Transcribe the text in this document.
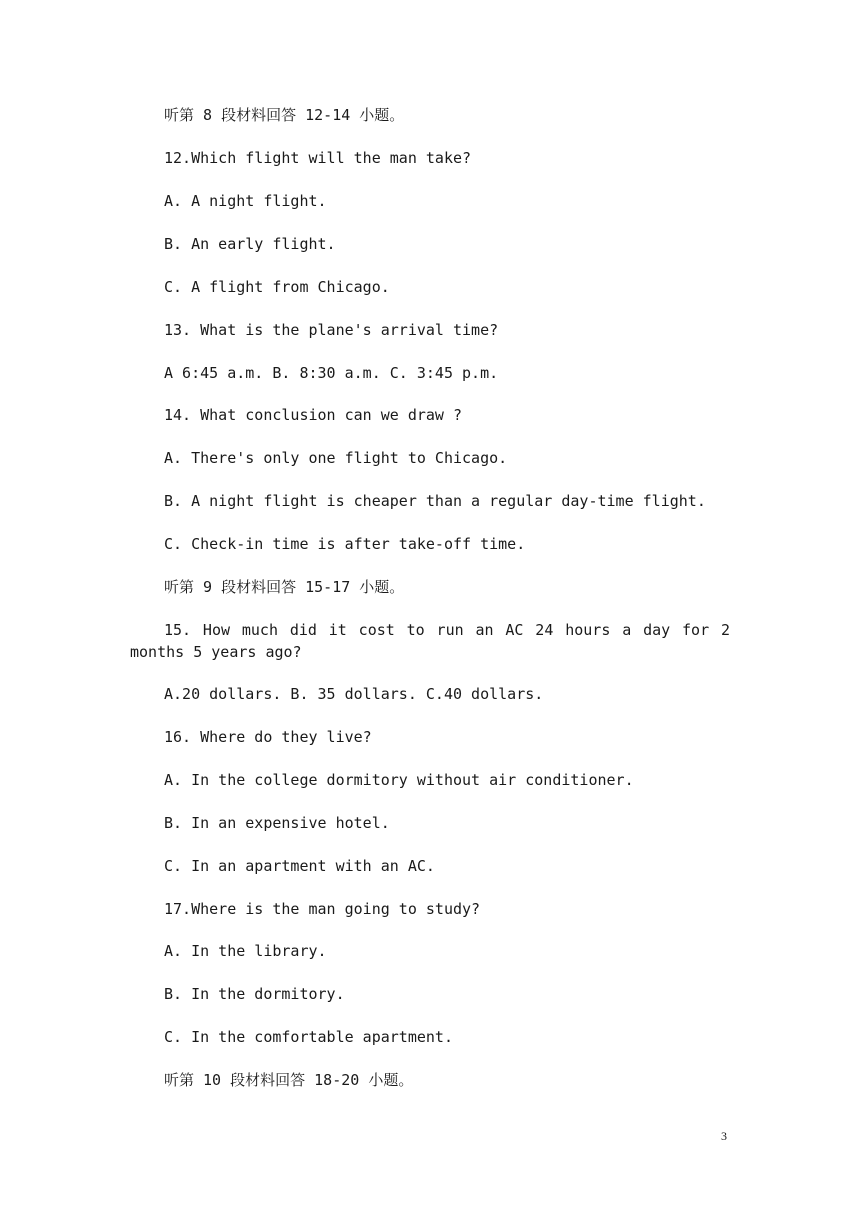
听第 8 段材料回答 12-14 小题。
12.Which flight will the man take?
A. A night flight.
B. An early flight.
C. A flight from Chicago.
13. What is the plane's arrival time?
A 6:45 a.m. B. 8:30 a.m. C. 3:45 p.m.
14. What conclusion can we draw ?
A. There's only one flight to Chicago.
B. A night flight is cheaper than a regular day-time flight.
C. Check-in time is after take-off time.
听第 9 段材料回答 15-17 小题。
15. How much did it cost to run an AC 24 hours a day for 2 months 5 years ago?
A.20 dollars. B. 35 dollars. C.40 dollars.
16. Where do they live?
A. In the college dormitory without air conditioner.
B. In an expensive hotel.
C. In an apartment with an AC.
17.Where is the man going to study?
A. In the library.
B. In the dormitory.
C. In the comfortable apartment.
听第 10 段材料回答 18-20 小题。
3
